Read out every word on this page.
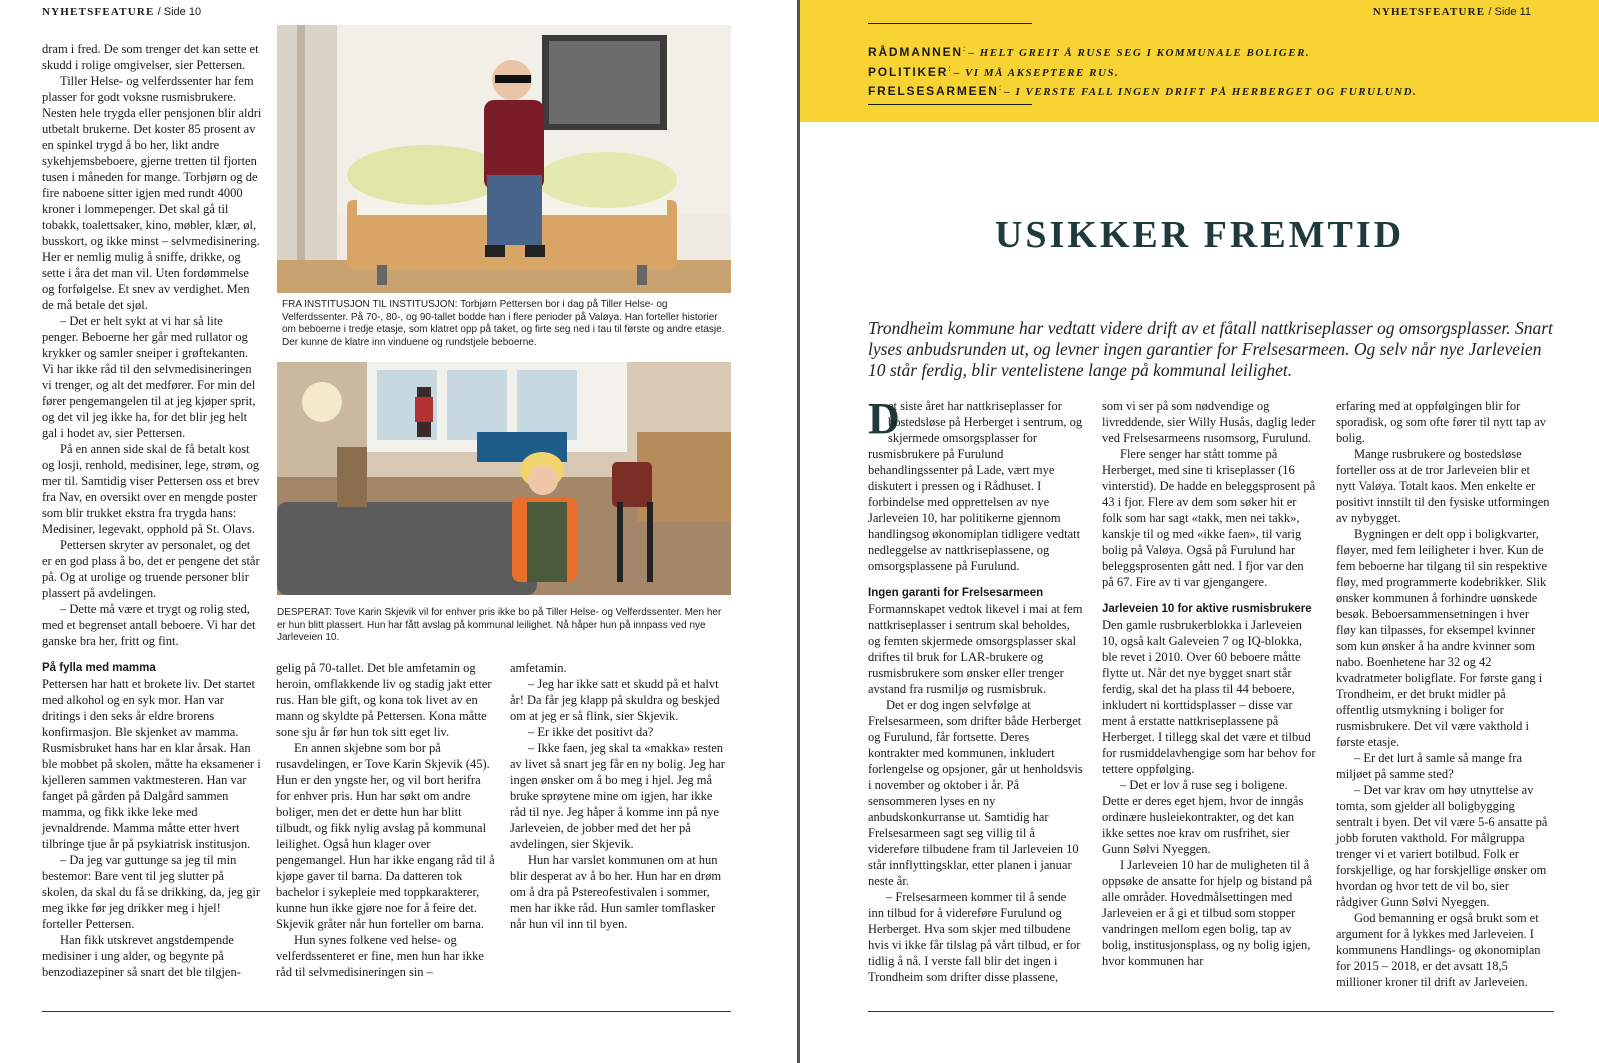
NYHETSFEATURE / Side 10

dram i fred. De som trenger det kan sette et skudd i rolige omgivelser, sier Pettersen.

Tiller Helse- og velferdssenter har fem plasser for godt voksne rusmisbrukere. Nesten hele trygda eller pensjonen blir aldri utbetalt brukerne. Det koster 85 prosent av en spinkel trygd å bo her, likt andre sykehjemsbeboere, gjerne tretten til fjorten tusen i måneden for mange. Torbjørn og de fire naboene sitter igjen med rundt 4000 kroner i lommepenger. Det skal gå til tobakk, toalettsaker, kino, møbler, klær, øl, busskort, og ikke minst – selvmedisinering. Her er nemlig mulig å sniffe, drikke, og sette i åra det man vil. Uten fordømmelse og forfølgelse. Et snev av verdighet. Men de må betale det sjøl.

– Det er helt sykt at vi har så lite penger. Beboerne her går med rullator og krykker og samler sneiper i grøftekanten. Vi har ikke råd til den selvmedisineringen vi trenger, og alt det medfører. For min del fører pengemangelen til at jeg kjøper sprit, og det vil jeg ikke ha, for det blir jeg helt gal i hodet av, sier Pettersen.

På en annen side skal de få betalt kost og losji, renhold, medisiner, lege, strøm, og mer til. Samtidig viser Pettersen oss et brev fra Nav, en oversikt over en mengde poster som blir trukket ekstra fra trygda hans: Medisiner, legevakt, opphold på St. Olavs.

Pettersen skryter av personalet, og det er en god plass å bo, det er pengene det står på. Og at urolige og truende personer blir plassert på avdelingen.

– Dette må være et trygt og rolig sted, med et begrenset antall beboere. Vi har det ganske bra her, fritt og fint.

På fylla med mamma

Pettersen har hatt et brokete liv. Det startet med alkohol og en syk mor. Han var dritings i den seks år eldre brorens konfirmasjon. Ble skjenket av mamma. Rusmisbruket hans har en klar årsak. Han ble mobbet på skolen, måtte ha eksamener i kjelleren sammen vaktmesteren. Han var fanget på gården på Dalgård sammen mamma, og fikk ikke leke med jevnaldrende. Mamma måtte etter hvert tilbringe tjue år på psykiatrisk institusjon.

– Da jeg var guttunge sa jeg til min bestemor: Bare vent til jeg slutter på skolen, da skal du få se drikking, da, jeg gir meg ikke før jeg drikker meg i hjel! forteller Pettersen.

Han fikk utskrevet angstdempende medisiner i ung alder, og begynte på benzodiazepiner så snart det ble tilgjen-

FRA INSTITUSJON TIL INSTITUSJON: Torbjørn Pettersen bor i dag på Tiller Helse- og Velferdssenter. På 70-, 80-, og 90-tallet bodde han i flere perioder på Valøya. Han forteller historier om beboerne i tredje etasje, som klatret opp på taket, og firte seg ned i tau til første og andre etasje. Der kunne de klatre inn vinduene og rundstjele beboerne.
DESPERAT: Tove Karin Skjevik vil for enhver pris ikke bo på Tiller Helse- og Velferdssenter. Men her er hun blitt plassert. Hun har fått avslag på kommunal leilighet. Nå håper hun på innpass ved nye Jarleveien 10.

gelig på 70-tallet. Det ble amfetamin og heroin, omflakkende liv og stadig jakt etter rus. Han ble gift, og kona tok livet av en mann og skyldte på Pettersen. Kona måtte sone sju år før hun tok sitt eget liv.

En annen skjebne som bor på rusavdelingen, er Tove Karin Skjevik (45). Hun er den yngste her, og vil bort herifra for enhver pris. Hun har søkt om andre boliger, men det er dette hun har blitt tilbudt, og fikk nylig avslag på kommunal leilighet. Også hun klager over pengemangel. Hun har ikke engang råd til å kjøpe gaver til barna. Da datteren tok bachelor i sykepleie med toppkarakterer, kunne hun ikke gjøre noe for å feire det. Skjevik gråter når hun forteller om barna.

Hun synes folkene ved helse- og velferdssenteret er fine, men hun har ikke råd til selvmedisineringen sin –

amfetamin.

– Jeg har ikke satt et skudd på et halvt år! Da får jeg klapp på skuldra og beskjed om at jeg er så flink, sier Skjevik.

– Er ikke det positivt da?

– Ikke faen, jeg skal ta «makka» resten av livet så snart jeg får en ny bolig. Jeg har ingen ønsker om å bo meg i hjel. Jeg må bruke sprøytene mine om igjen, har ikke råd til nye. Jeg håper å komme inn på nye Jarleveien, de jobber med det her på avdelingen, sier Skjevik.

Hun har varslet kommunen om at hun blir desperat av å bo her. Hun har en drøm om å dra på Pstereofestivalen i sommer, men har ikke råd. Hun samler tomflasker når hun vil inn til byen.

RÅDMANNEN: – HELT GREIT Å RUSE SEG I KOMMUNALE BOLIGER.
POLITIKER: – VI MÅ AKSEPTERE RUS.
FRELSESARMEEN: – I VERSTE FALL INGEN DRIFT PÅ HERBERGET OG FURULUND.
NYHETSFEATURE / Side 11
USIKKER FREMTID

Trondheim kommune har vedtatt videre drift av et fåtall nattkriseplasser og omsorgsplasser. Snart lyses anbudsrunden ut, og levner ingen garantier for Frelsesarmeen. Og selv når nye Jarleveien 10 står ferdig, blir ventelistene lange på kommunal leilighet.

D
et siste året har nattkriseplasser for bostedsløse på Herberget i sentrum, og skjermede omsorgsplasser for rusmisbrukere på Furulund behandlingssenter på Lade, vært mye diskutert i pressen og i Rådhuset. I forbindelse med opprettelsen av nye Jarleveien 10, har politikerne gjennom handlingsog økonomiplan tidligere vedtatt nedleggelse av nattkriseplassene, og omsorgsplassene på Furulund.

Ingen garanti for Frelsesarmeen

Formannskapet vedtok likevel i mai at fem nattkriseplasser i sentrum skal beholdes, og femten skjermede omsorgsplasser skal driftes til bruk for LAR-brukere og rusmisbrukere som ønsker eller trenger avstand fra rusmiljø og rusmisbruk.

Det er dog ingen selvfølge at Frelsesarmeen, som drifter både Herberget og Furulund, får fortsette. Deres kontrakter med kommunen, inkludert forlengelse og opsjoner, går ut henholdsvis i november og oktober i år. På sensommeren lyses en ny anbudskonkurranse ut. Samtidig har Frelsesarmeen sagt seg villig til å videreføre tilbudene fram til Jarleveien 10 står innflyttingsklar, etter planen i januar neste år.

– Frelsesarmeen kommer til å sende inn tilbud for å videreføre Furulund og Herberget. Hva som skjer med tilbudene hvis vi ikke får tilslag på vårt tilbud, er for tidlig å nå. I verste fall blir det ingen i Trondheim som drifter disse plassene,

som vi ser på som nødvendige og livreddende, sier Willy Husås, daglig leder ved Frelsesarmeens rusomsorg, Furulund.

Flere senger har stått tomme på Herberget, med sine ti kriseplasser (16 vinterstid). De hadde en beleggsprosent på 43 i fjor. Flere av dem som søker hit er folk som har sagt «takk, men nei takk», kanskje til og med «ikke faen», til varig bolig på Valøya. Også på Furulund har beleggsprosenten gått ned. I fjor var den på 67. Fire av ti var gjengangere.

Jarleveien 10 for aktive rusmisbrukere

Den gamle rusbrukerblokka i Jarleveien 10, også kalt Galeveien 7 og IQ-blokka, ble revet i 2010. Over 60 beboere måtte flytte ut. Når det nye bygget snart står ferdig, skal det ha plass til 44 beboere, inkludert ni korttidsplasser – disse var ment å erstatte nattkriseplassene på Herberget. I tillegg skal det være et tilbud for rusmiddelavhengige som har behov for tettere oppfølging.

– Det er lov å ruse seg i boligene. Dette er deres eget hjem, hvor de inngås ordinære husleiekontrakter, og det kan ikke settes noe krav om rusfrihet, sier Gunn Sølvi Nyeggen.

I Jarleveien 10 har de muligheten til å oppsøke de ansatte for hjelp og bistand på alle områder. Hovedmålsettingen med Jarleveien er å gi et tilbud som stopper vandringen mellom egen bolig, tap av bolig, institusjonsplass, og ny bolig igjen, hvor kommunen har

erfaring med at oppfølgingen blir for sporadisk, og som ofte fører til nytt tap av bolig.

Mange rusbrukere og bostedsløse forteller oss at de tror Jarleveien blir et nytt Valøya. Totalt kaos. Men enkelte er positivt innstilt til den fysiske utformingen av nybygget.

Bygningen er delt opp i boligkvarter, fløyer, med fem leiligheter i hver. Kun de fem beboerne har tilgang til sin respektive fløy, med programmerte kodebrikker. Slik ønsker kommunen å forhindre uønskede besøk. Beboersammensetningen i hver fløy kan tilpasses, for eksempel kvinner som kun ønsker å ha andre kvinner som nabo. Boenhetene har 32 og 42 kvadratmeter boligflate. For første gang i Trondheim, er det brukt midler på offentlig utsmykning i boliger for rusmisbrukere. Det vil være vakthold i første etasje.

– Er det lurt å samle så mange fra miljøet på samme sted?

– Det var krav om høy utnyttelse av tomta, som gjelder all boligbygging sentralt i byen. Det vil være 5-6 ansatte på jobb foruten vakthold. For målgruppa trenger vi et variert botilbud. Folk er forskjellige, og har forskjellige ønsker om hvordan og hvor tett de vil bo, sier rådgiver Gunn Sølvi Nyeggen.

God bemanning er også brukt som et argument for å lykkes med Jarleveien. I kommunens Handlings- og økonomiplan for 2015 – 2018, er det avsatt 18,5 millioner kroner til drift av Jarleveien.
